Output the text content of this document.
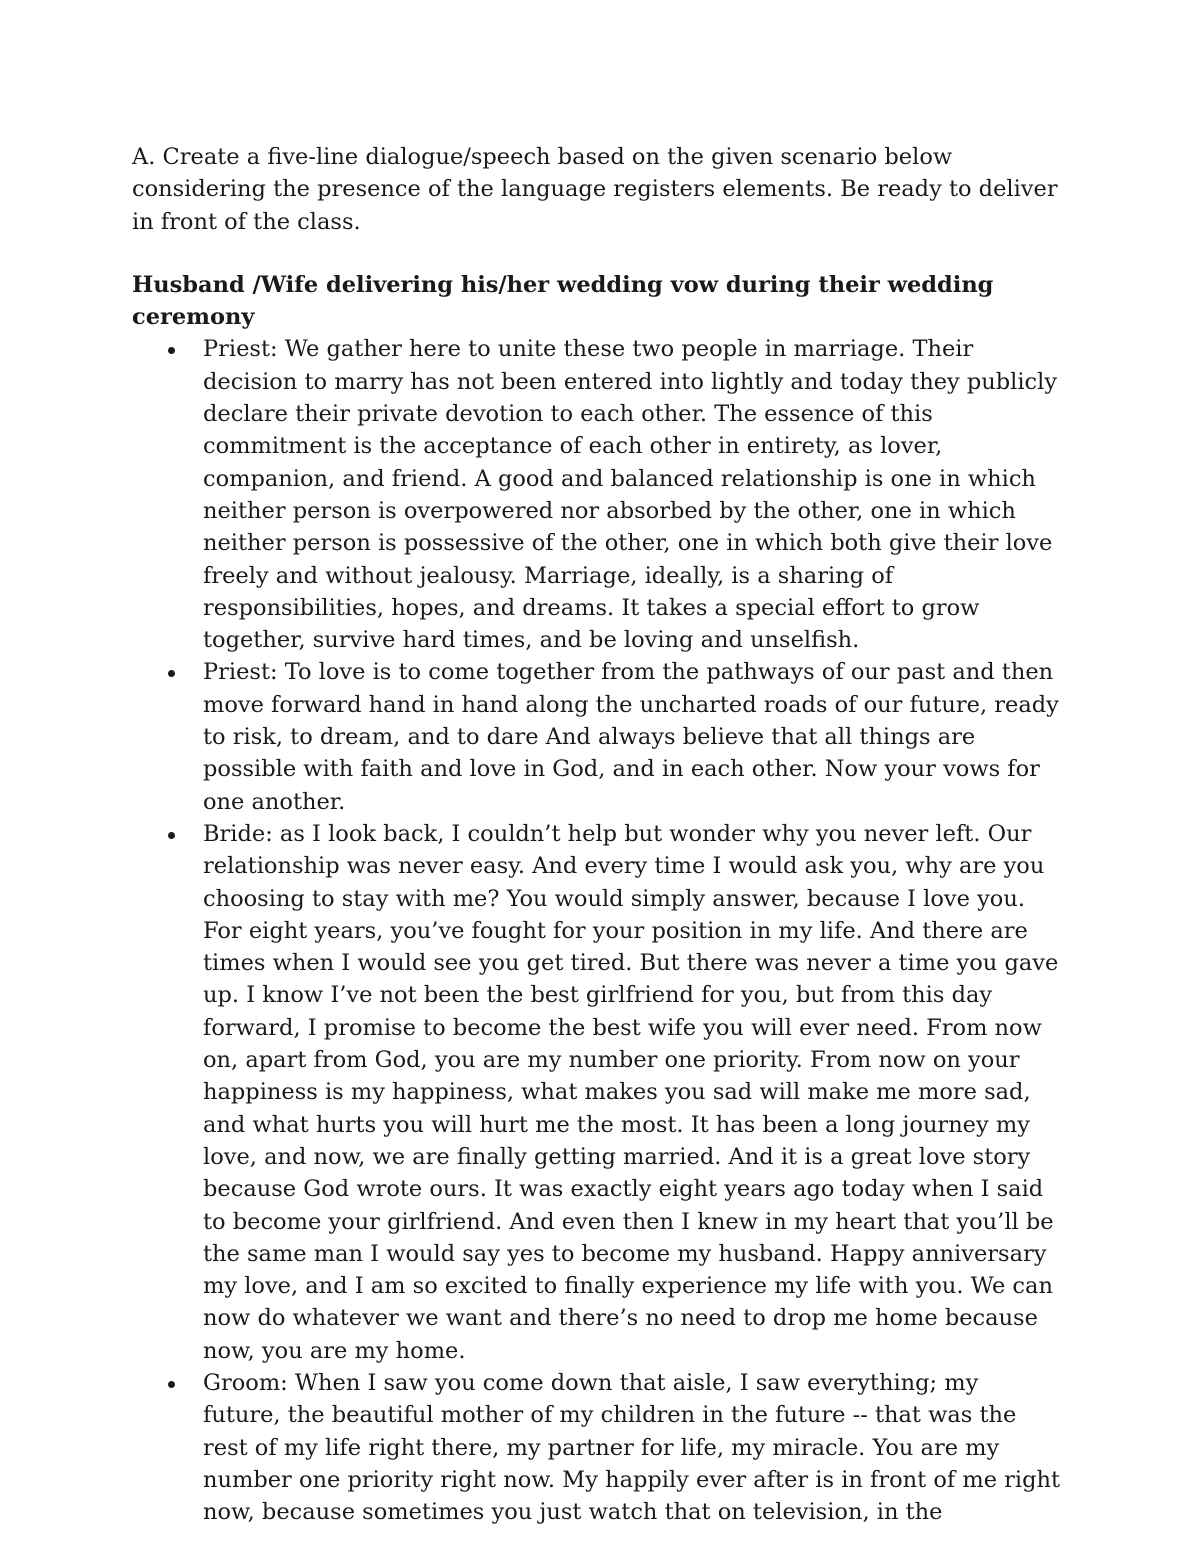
A. Create a five-line dialogue/speech based on the given scenario below considering the presence of the language registers elements. Be ready to deliver in front of the class.

Husband /Wife delivering his/her wedding vow during their wedding ceremony

Priest: We gather here to unite these two people in marriage. Their decision to marry has not been entered into lightly and today they publicly declare their private devotion to each other. The essence of this commitment is the acceptance of each other in entirety, as lover, companion, and friend. A good and balanced relationship is one in which neither person is overpowered nor absorbed by the other, one in which neither person is possessive of the other, one in which both give their love freely and without jealousy. Marriage, ideally, is a sharing of responsibilities, hopes, and dreams. It takes a special effort to grow together, survive hard times, and be loving and unselfish.
Priest: To love is to come together from the pathways of our past and then move forward hand in hand along the uncharted roads of our future, ready to risk, to dream, and to dare And always believe that all things are possible with faith and love in God, and in each other. Now your vows for one another.
Bride: as I look back, I couldn’t help but wonder why you never left. Our relationship was never easy. And every time I would ask you, why are you choosing to stay with me? You would simply answer, because I love you. For eight years, you’ve fought for your position in my life. And there are times when I would see you get tired. But there was never a time you gave up. I know I’ve not been the best girlfriend for you, but from this day forward, I promise to become the best wife you will ever need. From now on, apart from God, you are my number one priority. From now on your happiness is my happiness, what makes you sad will make me more sad, and what hurts you will hurt me the most. It has been a long journey my love, and now, we are finally getting married. And it is a great love story because God wrote ours. It was exactly eight years ago today when I said to become your girlfriend. And even then I knew in my heart that you’ll be the same man I would say yes to become my husband. Happy anniversary my love, and I am so excited to finally experience my life with you. We can now do whatever we want and there’s no need to drop me home because now, you are my home.
Groom: When I saw you come down that aisle, I saw everything; my future, the beautiful mother of my children in the future -- that was the rest of my life right there, my partner for life, my miracle. You are my number one priority right now. My happily ever after is in front of me right now, because sometimes you just watch that on television, in the
